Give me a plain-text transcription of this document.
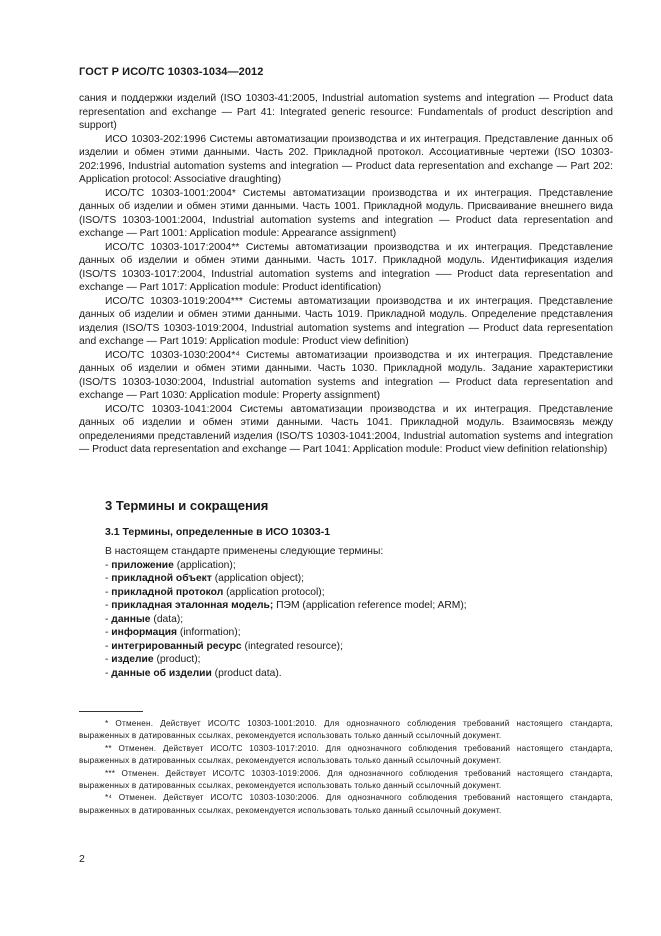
ГОСТ Р ИСО/ТС 10303-1034—2012

сания и поддержки изделий (ISO 10303-41:2005, Industrial automation systems and integration — Product data representation and exchange — Part 41: Integrated generic resource: Fundamentals of product description and support)

ИСО 10303-202:1996 Системы автоматизации производства и их интеграция. Представление данных об изделии и обмен этими данными. Часть 202. Прикладной протокол. Ассоциативные чертежи (ISO 10303-202:1996, Industrial automation systems and integration — Product data representation and exchange — Part 202: Application protocol: Associative draughting)

ИСО/ТС 10303-1001:2004* Системы автоматизации производства и их интеграция. Представление данных об изделии и обмен этими данными. Часть 1001. Прикладной модуль. Присваивание внешнего вида (ISO/TS 10303-1001:2004, Industrial automation systems and integration — Product data representation and exchange — Part 1001: Application module: Appearance assignment)

ИСО/ТС 10303-1017:2004** Системы автоматизации производства и их интеграция. Представление данных об изделии и обмен этими данными. Часть 1017. Прикладной модуль. Идентификация изделия (ISO/TS 10303-1017:2004, Industrial automation systems and integration —– Product data representation and exchange — Part 1017: Application module: Product identification)

ИСО/ТС 10303-1019:2004*** Системы автоматизации производства и их интеграция. Представление данных об изделии и обмен этими данными. Часть 1019. Прикладной модуль. Определение представления изделия (ISO/TS 10303-1019:2004, Industrial automation systems and integration — Product data representation and exchange — Part 1019: Application module: Product view definition)

ИСО/ТС 10303-1030:2004*⁴ Системы автоматизации производства и их интеграция. Представление данных об изделии и обмен этими данными. Часть 1030. Прикладной модуль. Задание характеристики (ISO/TS 10303-1030:2004, Industrial automation systems and integration — Product data representation and exchange — Part 1030: Application module: Property assignment)

ИСО/ТС 10303-1041:2004 Системы автоматизации производства и их интеграция. Представление данных об изделии и обмен этими данными. Часть 1041. Прикладной модуль. Взаимосвязь между определениями представлений изделия (ISO/TS 10303-1041:2004, Industrial automation systems and integration — Product data representation and exchange — Part 1041: Application module: Product view definition relationship)

3 Термины и сокращения
3.1 Термины, определенные в ИСО 10303-1

В настоящем стандарте применены следующие термины:

- приложение (application);
- прикладной объект (application object);
- прикладной протокол (application protocol);
- прикладная эталонная модель; ПЭМ (application reference model; ARM);
- данные (data);
- информация (information);
- интегрированный ресурс (integrated resource);
- изделие (product);
- данные об изделии (product data).

* Отменен. Действует ИСО/ТС 10303-1001:2010. Для однозначного соблюдения требований настоящего стандарта, выраженных в датированных ссылках, рекомендуется использовать только данный ссылочный документ.

** Отменен. Действует ИСО/ТС 10303-1017:2010. Для однозначного соблюдения требований настоящего стандарта, выраженных в датированных ссылках, рекомендуется использовать только данный ссылочный документ.

*** Отменен. Действует ИСО/ТС 10303-1019:2006. Для однозначного соблюдения требований настоящего стандарта, выраженных в датированных ссылках, рекомендуется использовать только данный ссылочный документ.

*⁴ Отменен. Действует ИСО/ТС 10303-1030:2006. Для однозначного соблюдения требований настоящего стандарта, выраженных в датированных ссылках, рекомендуется использовать только данный ссылочный документ.

2
